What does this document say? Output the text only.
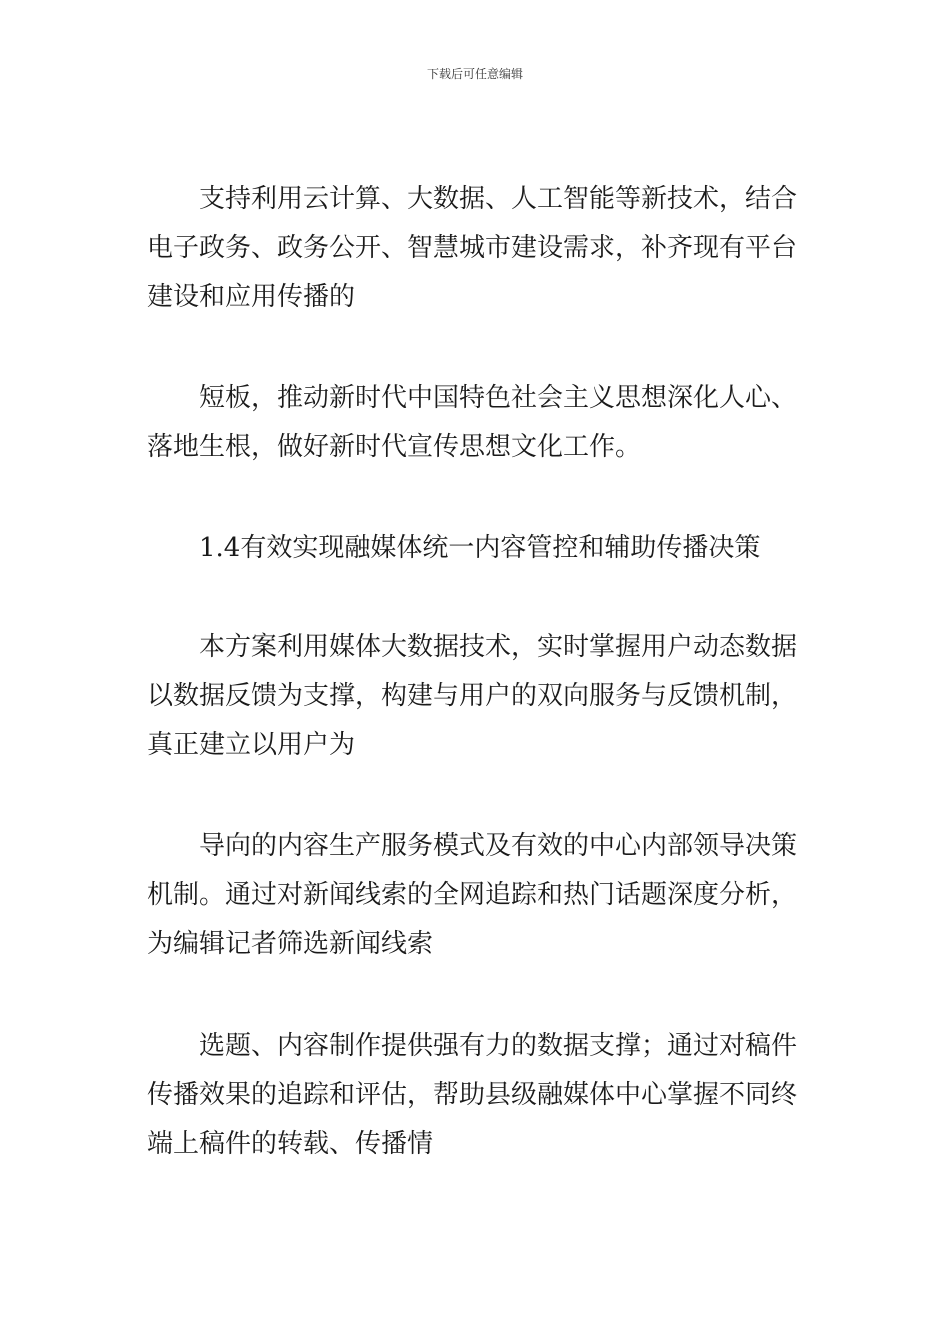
下载后可任意编辑
支持利用云计算、大数据、人工智能等新技术，结合
电子政务、政务公开、智慧城市建设需求，补齐现有平台
建设和应用传播的
短板，推动新时代中国特色社会主义思想深化人心、
落地生根，做好新时代宣传思想文化工作。
1.4有效实现融媒体统一内容管控和辅助传播决策
本方案利用媒体大数据技术，实时掌握用户动态数据
以数据反馈为支撑，构建与用户的双向服务与反馈机制，
真正建立以用户为
导向的内容生产服务模式及有效的中心内部领导决策
机制。通过对新闻线索的全网追踪和热门话题深度分析，
为编辑记者筛选新闻线索
选题、内容制作提供强有力的数据支撑；通过对稿件
传播效果的追踪和评估，帮助县级融媒体中心掌握不同终
端上稿件的转载、传播情
